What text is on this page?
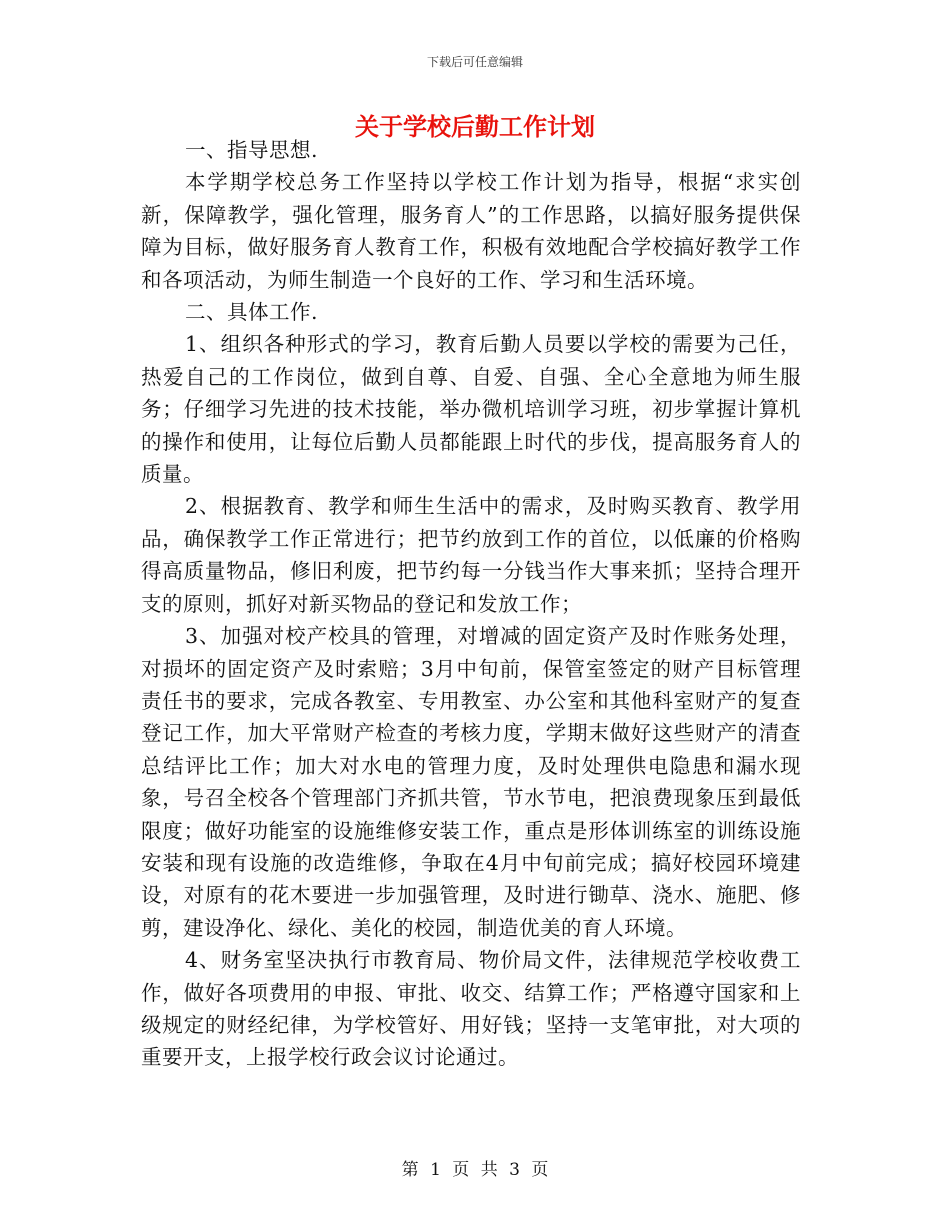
下载后可任意编辑
关于学校后勤工作计划

一、指导思想.

本学期学校总务工作坚持以学校工作计划为指导，根据“求实创新，保障教学，强化管理，服务育人”的工作思路，以搞好服务提供保障为目标，做好服务育人教育工作，积极有效地配合学校搞好教学工作和各项活动，为师生制造一个良好的工作、学习和生活环境。

二、具体工作.

1、组织各种形式的学习，教育后勤人员要以学校的需要为己任，热爱自己的工作岗位，做到自尊、自爱、自强、全心全意地为师生服务；仔细学习先进的技术技能，举办微机培训学习班，初步掌握计算机的操作和使用，让每位后勤人员都能跟上时代的步伐，提高服务育人的质量。

2、根据教育、教学和师生生活中的需求，及时购买教育、教学用品，确保教学工作正常进行；把节约放到工作的首位，以低廉的价格购得高质量物品，修旧利废，把节约每一分钱当作大事来抓；坚持合理开支的原则，抓好对新买物品的登记和发放工作；

3、加强对校产校具的管理，对增减的固定资产及时作账务处理，对损坏的固定资产及时索赔；3月中旬前，保管室签定的财产目标管理责任书的要求，完成各教室、专用教室、办公室和其他科室财产的复查登记工作，加大平常财产检查的考核力度，学期末做好这些财产的清查总结评比工作；加大对水电的管理力度，及时处理供电隐患和漏水现象，号召全校各个管理部门齐抓共管，节水节电，把浪费现象压到最低限度；做好功能室的设施维修安装工作，重点是形体训练室的训练设施安装和现有设施的改造维修，争取在4月中旬前完成；搞好校园环境建设，对原有的花木要进一步加强管理，及时进行锄草、浇水、施肥、修剪，建设净化、绿化、美化的校园，制造优美的育人环境。

4、财务室坚决执行市教育局、物价局文件，法律规范学校收费工作，做好各项费用的申报、审批、收交、结算工作；严格遵守国家和上级规定的财经纪律，为学校管好、用好钱；坚持一支笔审批，对大项的重要开支，上报学校行政会议讨论通过。

第 1 页 共 3 页
